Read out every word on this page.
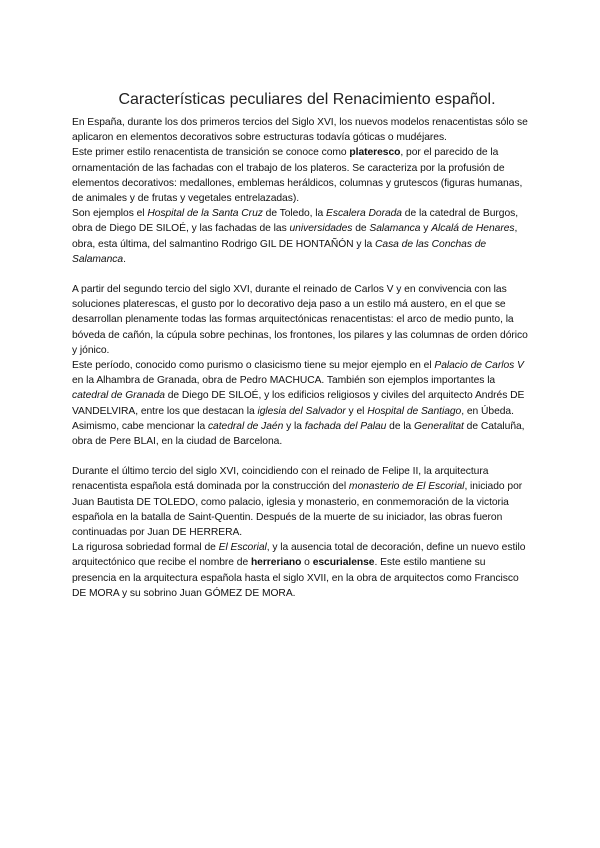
Características peculiares del Renacimiento español.

En España, durante los dos primeros tercios del Siglo XVI, los nuevos modelos renacentistas sólo se aplicaron en elementos decorativos sobre estructuras todavía góticas o mudéjares.

Este primer estilo renacentista de transición se conoce como plateresco, por el parecido de la ornamentación de las fachadas con el trabajo de los plateros. Se caracteriza por la profusión de elementos decorativos: medallones, emblemas heráldicos, columnas y grutescos (figuras humanas, de animales y de frutas y vegetales entrelazadas).

Son ejemplos el Hospital de la Santa Cruz de Toledo, la Escalera Dorada de la catedral de Burgos, obra de Diego DE SILOÉ, y las fachadas de las universidades de Salamanca y Alcalá de Henares, obra, esta última, del salmantino Rodrigo GIL DE HONTAÑÓN y la Casa de las Conchas de Salamanca.

A partir del segundo tercio del siglo XVI, durante el reinado de Carlos V y en convivencia con las soluciones platerescas, el gusto por lo decorativo deja paso a un estilo má austero, en el que se desarrollan plenamente todas las formas arquitectónicas renacentistas: el arco de medio punto, la bóveda de cañón, la cúpula sobre pechinas, los frontones, los pilares y las columnas de orden dórico y jónico.

Este período, conocido como purismo o clasicismo tiene su mejor ejemplo en el Palacio de Carlos V en la Alhambra de Granada, obra de Pedro MACHUCA. También son ejemplos importantes la catedral de Granada de Diego DE SILOÉ, y los edificios religiosos y civiles del arquitecto Andrés DE VANDELVIRA, entre los que destacan la iglesia del Salvador y el Hospital de Santiago, en Úbeda. Asimismo, cabe mencionar la catedral de Jaén y la fachada del Palau de la Generalitat de Cataluña, obra de Pere BLAI, en la ciudad de Barcelona.

Durante el último tercio del siglo XVI, coincidiendo con el reinado de Felipe II, la arquitectura renacentista española está dominada por la construcción del monasterio de El Escorial, iniciado por Juan Bautista DE TOLEDO, como palacio, iglesia y monasterio, en conmemoración de la victoria española en la batalla de Saint-Quentin. Después de la muerte de su iniciador, las obras fueron continuadas por Juan DE HERRERA.

La rigurosa sobriedad formal de El Escorial, y la ausencia total de decoración, define un nuevo estilo arquitectónico que recibe el nombre de herreriano o escurialense. Este estilo mantiene su presencia en la arquitectura española hasta el siglo XVII, en la obra de arquitectos como Francisco DE MORA y su sobrino Juan GÓMEZ DE MORA.
